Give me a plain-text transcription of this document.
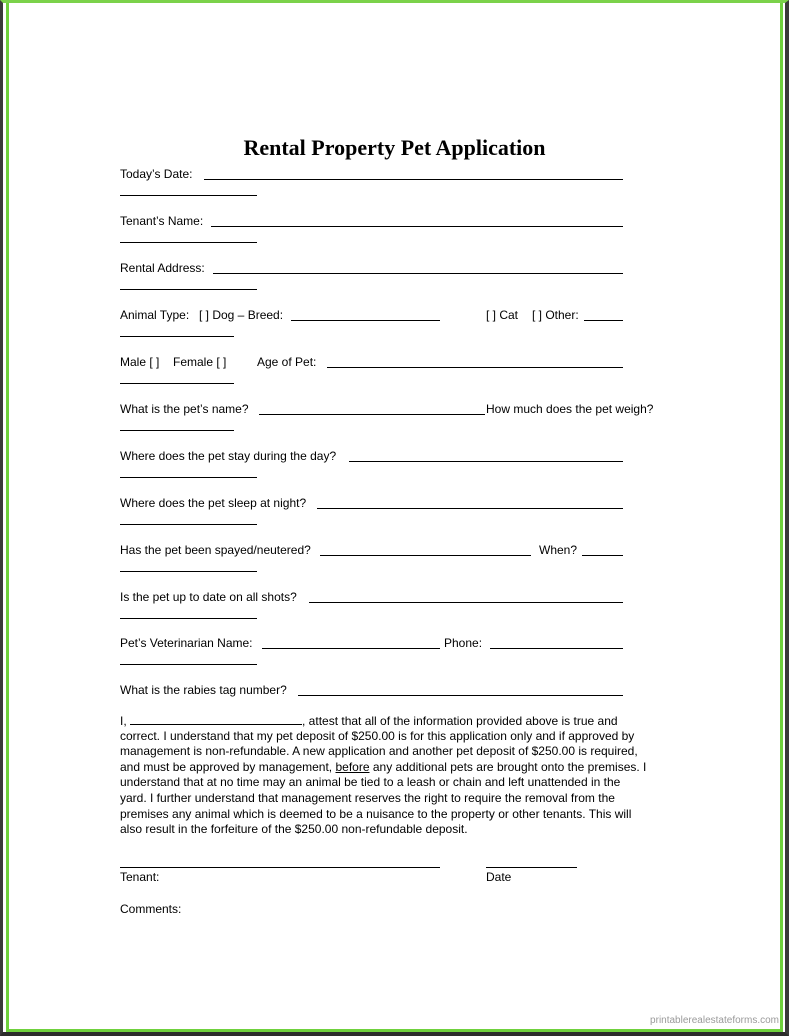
Rental Property Pet Application
Today’s Date:
Tenant’s Name:
Rental Address:
Animal Type: [ ] Dog – Breed:	[ ] Cat [ ] Other:
Male [ ] Female [ ]	Age of Pet:
What is the pet’s name?	How much does the pet weigh?
Where does the pet stay during the day?
Where does the pet sleep at night?
Has the pet been spayed/neutered?	When?
Is the pet up to date on all shots?
Pet’s Veterinarian Name:	Phone:
What is the rabies tag number?
I,	, attest that all of the information provided above is true and
correct. I understand that my pet deposit of $250.00 is for this application only and if approved by
management is non-refundable. A new application and another pet deposit of $250.00 is required,
and must be approved by management, before any additional pets are brought onto the premises. I
understand that at no time may an animal be tied to a leash or chain and left unattended in the
yard. I further understand that management reserves the right to require the removal from the
premises any animal which is deemed to be a nuisance to the property or other tenants. This will
also result in the forfeiture of the $250.00 non-refundable deposit.
Tenant:	Date
Comments:
printablerealestateforms.com
